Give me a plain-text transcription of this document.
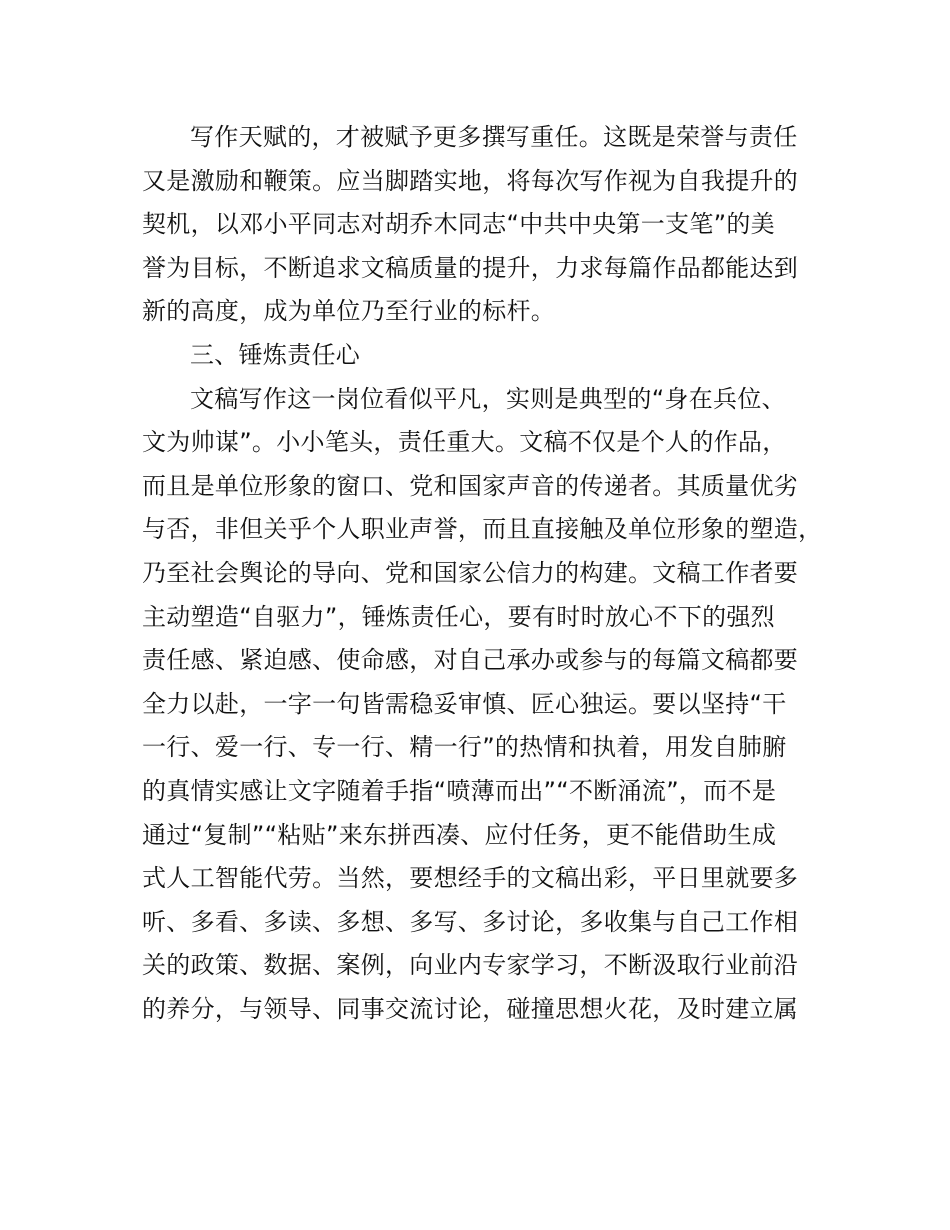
写作天赋的，才被赋予更多撰写重任。这既是荣誉与责任
又是激励和鞭策。应当脚踏实地，将每次写作视为自我提升的
契机，以邓小平同志对胡乔木同志“中共中央第一支笔”的美
誉为目标，不断追求文稿质量的提升，力求每篇作品都能达到
新的高度，成为单位乃至行业的标杆。
三、锤炼责任心
文稿写作这一岗位看似平凡，实则是典型的“身在兵位、
文为帅谋”。小小笔头，责任重大。文稿不仅是个人的作品，
而且是单位形象的窗口、党和国家声音的传递者。其质量优劣
与否，非但关乎个人职业声誉，而且直接触及单位形象的塑造，
乃至社会舆论的导向、党和国家公信力的构建。文稿工作者要
主动塑造“自驱力”，锤炼责任心，要有时时放心不下的强烈
责任感、紧迫感、使命感，对自己承办或参与的每篇文稿都要
全力以赴，一字一句皆需稳妥审慎、匠心独运。要以坚持“干
一行、爱一行、专一行、精一行”的热情和执着，用发自肺腑
的真情实感让文字随着手指“喷薄而出”“不断涌流”，而不是
通过“复制”“粘贴”来东拼西凑、应付任务，更不能借助生成
式人工智能代劳。当然，要想经手的文稿出彩，平日里就要多
听、多看、多读、多想、多写、多讨论，多收集与自己工作相
关的政策、数据、案例，向业内专家学习，不断汲取行业前沿
的养分，与领导、同事交流讨论，碰撞思想火花，及时建立属
